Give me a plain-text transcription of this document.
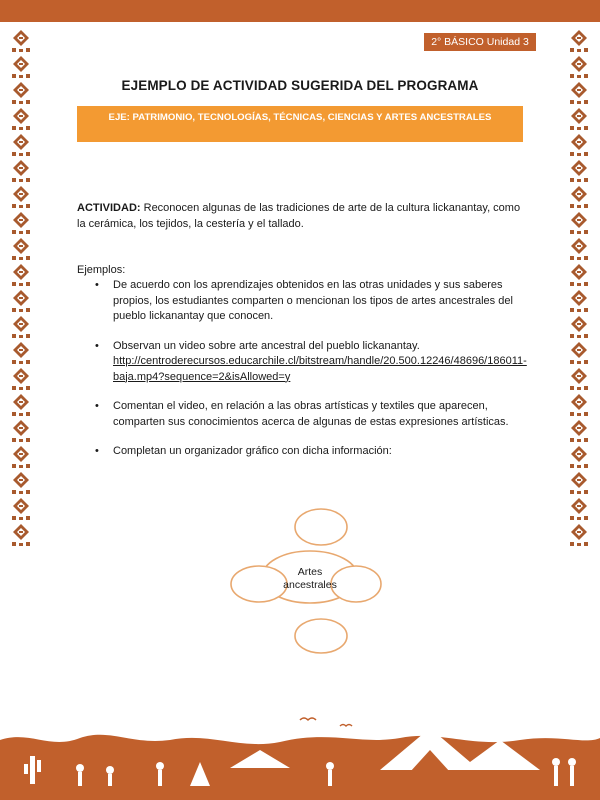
2° BÁSICO Unidad 3
EJEMPLO DE ACTIVIDAD SUGERIDA DEL PROGRAMA
EJE: PATRIMONIO, TECNOLOGÍAS, TÉCNICAS, CIENCIAS Y ARTES ANCESTRALES
ACTIVIDAD: Reconocen algunas de las tradiciones de arte de la cultura lickanantay, como la cerámica, los tejidos, la cestería y el tallado.
Ejemplos:
• De acuerdo con los aprendizajes obtenidos en las otras unidades y sus saberes propios, los estudiantes comparten o mencionan los tipos de artes ancestrales del pueblo lickanantay que conocen.
• Observan un video sobre arte ancestral del pueblo lickanantay.
http://centroderecursos.educarchile.cl/bitstream/handle/20.500.12246/48696/186011-baja.mp4?sequence=2&isAllowed=y
• Comentan el video, en relación a las obras artísticas y textiles que aparecen, comparten sus conocimientos acerca de algunas de estas expresiones artísticas.
• Completan un organizador gráfico con dicha información:
Artes
ancestrales
